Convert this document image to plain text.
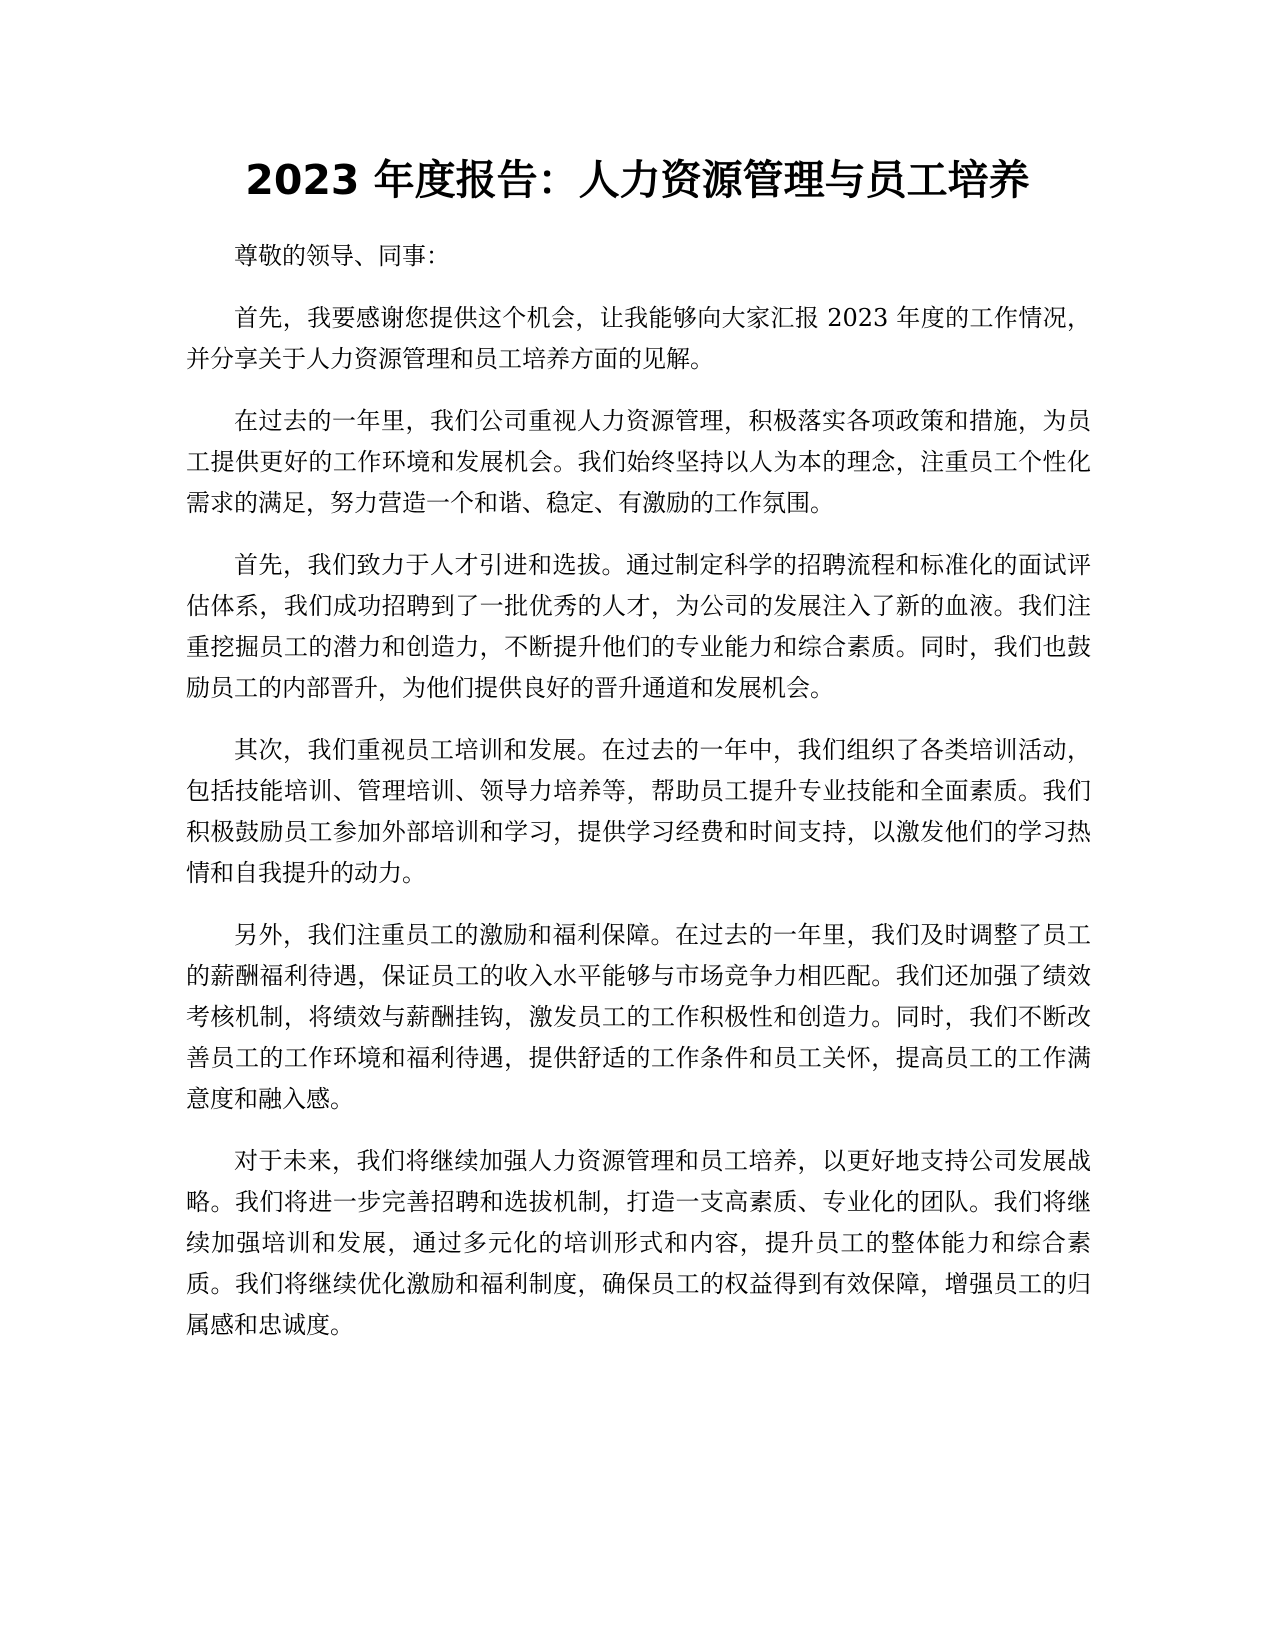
2023 年度报告：人力资源管理与员工培养

尊敬的领导、同事：

首先，我要感谢您提供这个机会，让我能够向大家汇报 2023 年度的工作情况，并分享关于人力资源管理和员工培养方面的见解。

在过去的一年里，我们公司重视人力资源管理，积极落实各项政策和措施，为员工提供更好的工作环境和发展机会。我们始终坚持以人为本的理念，注重员工个性化需求的满足，努力营造一个和谐、稳定、有激励的工作氛围。

首先，我们致力于人才引进和选拔。通过制定科学的招聘流程和标准化的面试评估体系，我们成功招聘到了一批优秀的人才，为公司的发展注入了新的血液。我们注重挖掘员工的潜力和创造力，不断提升他们的专业能力和综合素质。同时，我们也鼓励员工的内部晋升，为他们提供良好的晋升通道和发展机会。

其次，我们重视员工培训和发展。在过去的一年中，我们组织了各类培训活动，包括技能培训、管理培训、领导力培养等，帮助员工提升专业技能和全面素质。我们积极鼓励员工参加外部培训和学习，提供学习经费和时间支持，以激发他们的学习热情和自我提升的动力。

另外，我们注重员工的激励和福利保障。在过去的一年里，我们及时调整了员工的薪酬福利待遇，保证员工的收入水平能够与市场竞争力相匹配。我们还加强了绩效考核机制，将绩效与薪酬挂钩，激发员工的工作积极性和创造力。同时，我们不断改善员工的工作环境和福利待遇，提供舒适的工作条件和员工关怀，提高员工的工作满意度和融入感。

对于未来，我们将继续加强人力资源管理和员工培养，以更好地支持公司发展战略。我们将进一步完善招聘和选拔机制，打造一支高素质、专业化的团队。我们将继续加强培训和发展，通过多元化的培训形式和内容，提升员工的整体能力和综合素质。我们将继续优化激励和福利制度，确保员工的权益得到有效保障，增强员工的归属感和忠诚度。
